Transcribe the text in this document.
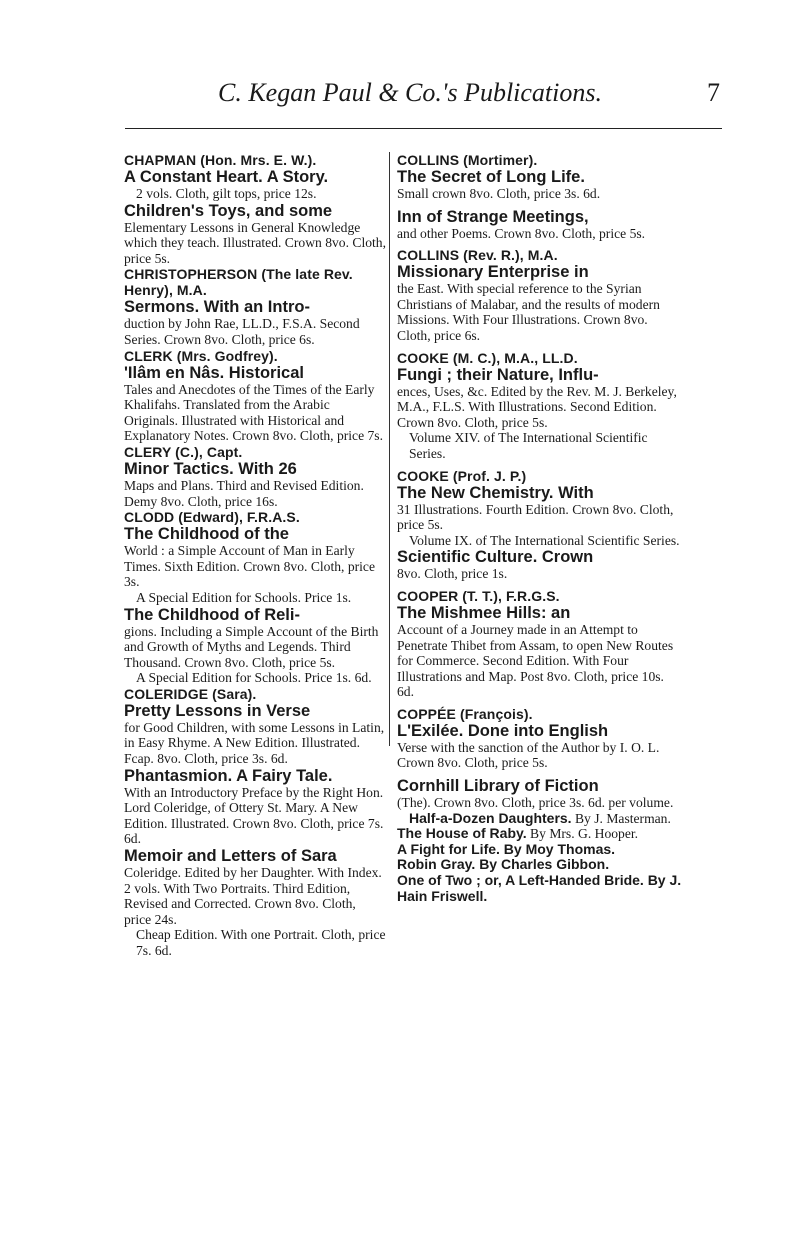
C. Kegan Paul & Co.'s Publications.	7

CHAPMAN (Hon. Mrs. E. W.).

A Constant Heart. A Story.

2 vols. Cloth, gilt tops, price 12s.

Children's Toys, and some

Elementary Lessons in General Knowledge which they teach. Illustrated. Crown 8vo. Cloth, price 5s.

CHRISTOPHERSON (The late Rev. Henry), M.A.

Sermons. With an Intro-

duction by John Rae, LL.D., F.S.A. Second Series. Crown 8vo. Cloth, price 6s.

CLERK (Mrs. Godfrey).

'Ilâm en Nâs. Historical

Tales and Anecdotes of the Times of the Early Khalifahs. Translated from the Arabic Originals. Illustrated with Historical and Explanatory Notes. Crown 8vo. Cloth, price 7s.

CLERY (C.), Capt.

Minor Tactics. With 26

Maps and Plans. Third and Revised Edition. Demy 8vo. Cloth, price 16s.

CLODD (Edward), F.R.A.S.

The Childhood of the

World : a Simple Account of Man in Early Times. Sixth Edition. Crown 8vo. Cloth, price 3s.

A Special Edition for Schools. Price 1s.

The Childhood of Reli-

gions. Including a Simple Account of the Birth and Growth of Myths and Legends. Third Thousand. Crown 8vo. Cloth, price 5s.

A Special Edition for Schools. Price 1s. 6d.

COLERIDGE (Sara).

Pretty Lessons in Verse

for Good Children, with some Lessons in Latin, in Easy Rhyme. A New Edition. Illustrated. Fcap. 8vo. Cloth, price 3s. 6d.

Phantasmion. A Fairy Tale.

With an Introductory Preface by the Right Hon. Lord Coleridge, of Ottery St. Mary. A New Edition. Illustrated. Crown 8vo. Cloth, price 7s. 6d.

Memoir and Letters of Sara

Coleridge. Edited by her Daughter. With Index. 2 vols. With Two Portraits. Third Edition, Revised and Corrected. Crown 8vo. Cloth, price 24s.

Cheap Edition. With one Portrait. Cloth, price 7s. 6d.

COLLINS (Mortimer).

The Secret of Long Life.

Small crown 8vo. Cloth, price 3s. 6d.

Inn of Strange Meetings,

and other Poems. Crown 8vo. Cloth, price 5s.

COLLINS (Rev. R.), M.A.

Missionary Enterprise in

the East. With special reference to the Syrian Christians of Malabar, and the results of modern Missions. With Four Illustrations. Crown 8vo. Cloth, price 6s.

COOKE (M. C.), M.A., LL.D.

Fungi ; their Nature, Influ-

ences, Uses, &c. Edited by the Rev. M. J. Berkeley, M.A., F.L.S. With Illustrations. Second Edition. Crown 8vo. Cloth, price 5s.

Volume XIV. of The International Scientific Series.

COOKE (Prof. J. P.)

The New Chemistry. With

31 Illustrations. Fourth Edition. Crown 8vo. Cloth, price 5s.

Volume IX. of The International Scientific Series.

Scientific Culture. Crown

8vo. Cloth, price 1s.

COOPER (T. T.), F.R.G.S.

The Mishmee Hills: an

Account of a Journey made in an Attempt to Penetrate Thibet from Assam, to open New Routes for Commerce. Second Edition. With Four Illustrations and Map. Post 8vo. Cloth, price 10s. 6d.

COPPÉE (François).

L'Exilée. Done into English

Verse with the sanction of the Author by I. O. L. Crown 8vo. Cloth, price 5s.

Cornhill Library of Fiction

(The). Crown 8vo. Cloth, price 3s. 6d. per volume.

Half-a-Dozen Daughters. By J. Masterman.

The House of Raby. By Mrs. G. Hooper.

A Fight for Life. By Moy Thomas.

Robin Gray. By Charles Gibbon.

One of Two ; or, A Left-Handed Bride. By J. Hain Friswell.
